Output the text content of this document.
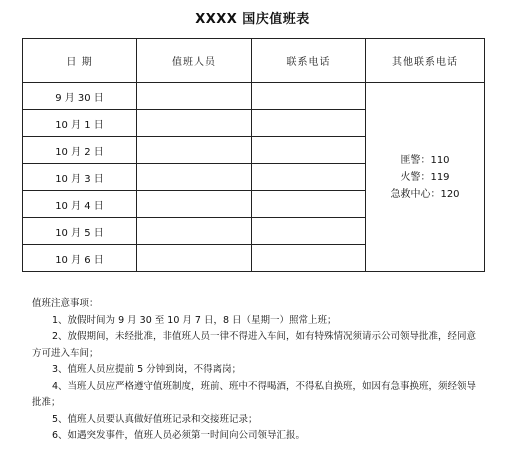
XXXX 国庆值班表
日 期	值班人员	联系电话	其他联系电话
9 月 30 日			匪警：110
火警：119
急救中心：120

10 月 1 日			
10 月 2 日			
10 月 3 日			
10 月 4 日			
10 月 5 日			
10 月 6 日			

值班注意事项：

1、放假时间为 9 月 30 至 10 月 7 日，8 日（星期一）照常上班；

2、放假期间，未经批准，非值班人员一律不得进入车间，如有特殊情况须请示公司领导批准，经同意方可进入车间；

3、值班人员应提前 5 分钟到岗，不得离岗；

4、当班人员应严格遵守值班制度，班前、班中不得喝酒，不得私自换班，如因有急事换班，须经领导批准；

5、值班人员要认真做好值班记录和交接班记录；

6、如遇突发事件，值班人员必须第一时间向公司领导汇报。
